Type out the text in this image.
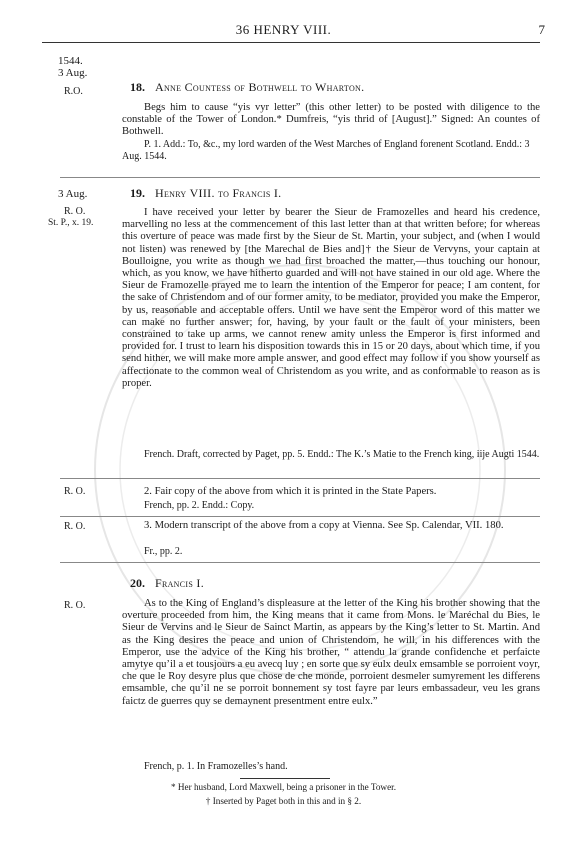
36 HENRY VIII.	7
1544.
3 Aug.
R.O.	18. Anne Countess of Bothwell to Wharton.
Begs him to cause “yis vyr letter” (this other letter) to be posted with diligence to the constable of the Tower of London.* Dumfreis, “yis thrid of [August].” Signed: An countes of Bothwell.
P. 1. Add.: To, &c., my lord warden of the West Marches of England forenent Scotland. Endd.: 3 Aug. 1544.
3 Aug.
R. O.
St. P., x. 19.
19. Henry VIII. to Francis I.
I have received your letter by bearer the Sieur de Framozelles and heard his credence, marvelling no less at the commencement of this last letter than at that written before; for whereas this overture of peace was made first by the Sieur de St. Martin, your subject, and (when I would not listen) was renewed by [the Marechal de Bies and]† the Sieur de Vervyns, your captain at Boulloigne, you write as though we had first broached the matter,—thus touching our honour, which, as you know, we have hitherto guarded and will not have stained in our old age. Where the Sieur de Framozelle prayed me to learn the intention of the Emperor for peace; I am content, for the sake of Christendom and of our former amity, to be mediator, provided you make the Emperor, by us, reasonable and acceptable offers. Until we have sent the Emperor word of this matter we can make no further answer; for, having, by your fault or the fault of your ministers, been constrained to take up arms, we cannot renew amity unless the Emperor is first informed and provided for. I trust to learn his disposition towards this in 15 or 20 days, about which time, if you send hither, we will make more ample answer, and good effect may follow if you show yourself as affectionate to the common weal of Christendom as you write, and as conformable to reason as is proper.
French. Draft, corrected by Paget, pp. 5. Endd.: The K.’s Matie to the French king, iije Augti 1544.
R. O.	2. Fair copy of the above from which it is printed in the State Papers.
French, pp. 2. Endd.: Copy.
R. O.	3. Modern transcript of the above from a copy at Vienna. See Sp. Calendar, VII. 180.
Fr., pp. 2.
20. Francis I.
R. O.	As to the King of England’s displeasure at the letter of the King his brother showing that the overture proceeded from him, the King means that it came from Mons. le Maréchal du Bies, le Sieur de Vervins and le Sieur de Sainct Martin, as appears by the King’s letter to St. Martin. And as the King desires the peace and union of Christendom, he will, in his differences with the Emperor, use the advice of the King his brother, “ attendu la grande confidenche et perfaicte amytye qu’il a et tousjours a eu avecq luy ; en sorte que sy eulx deulx emsamble se porroient voyr, che que le Roy desyre plus que chose de che monde, porroient desmeler sumyrement les differens emsamble, che qu’il ne se porroit bonnement sy tost fayre par leurs embassadeur, veu les grans faictz de guerres quy se demaynent presentment entre eulx.”
French, p. 1. In Framozelles’s hand.
* Her husband, Lord Maxwell, being a prisoner in the Tower.
† Inserted by Paget both in this and in § 2.
